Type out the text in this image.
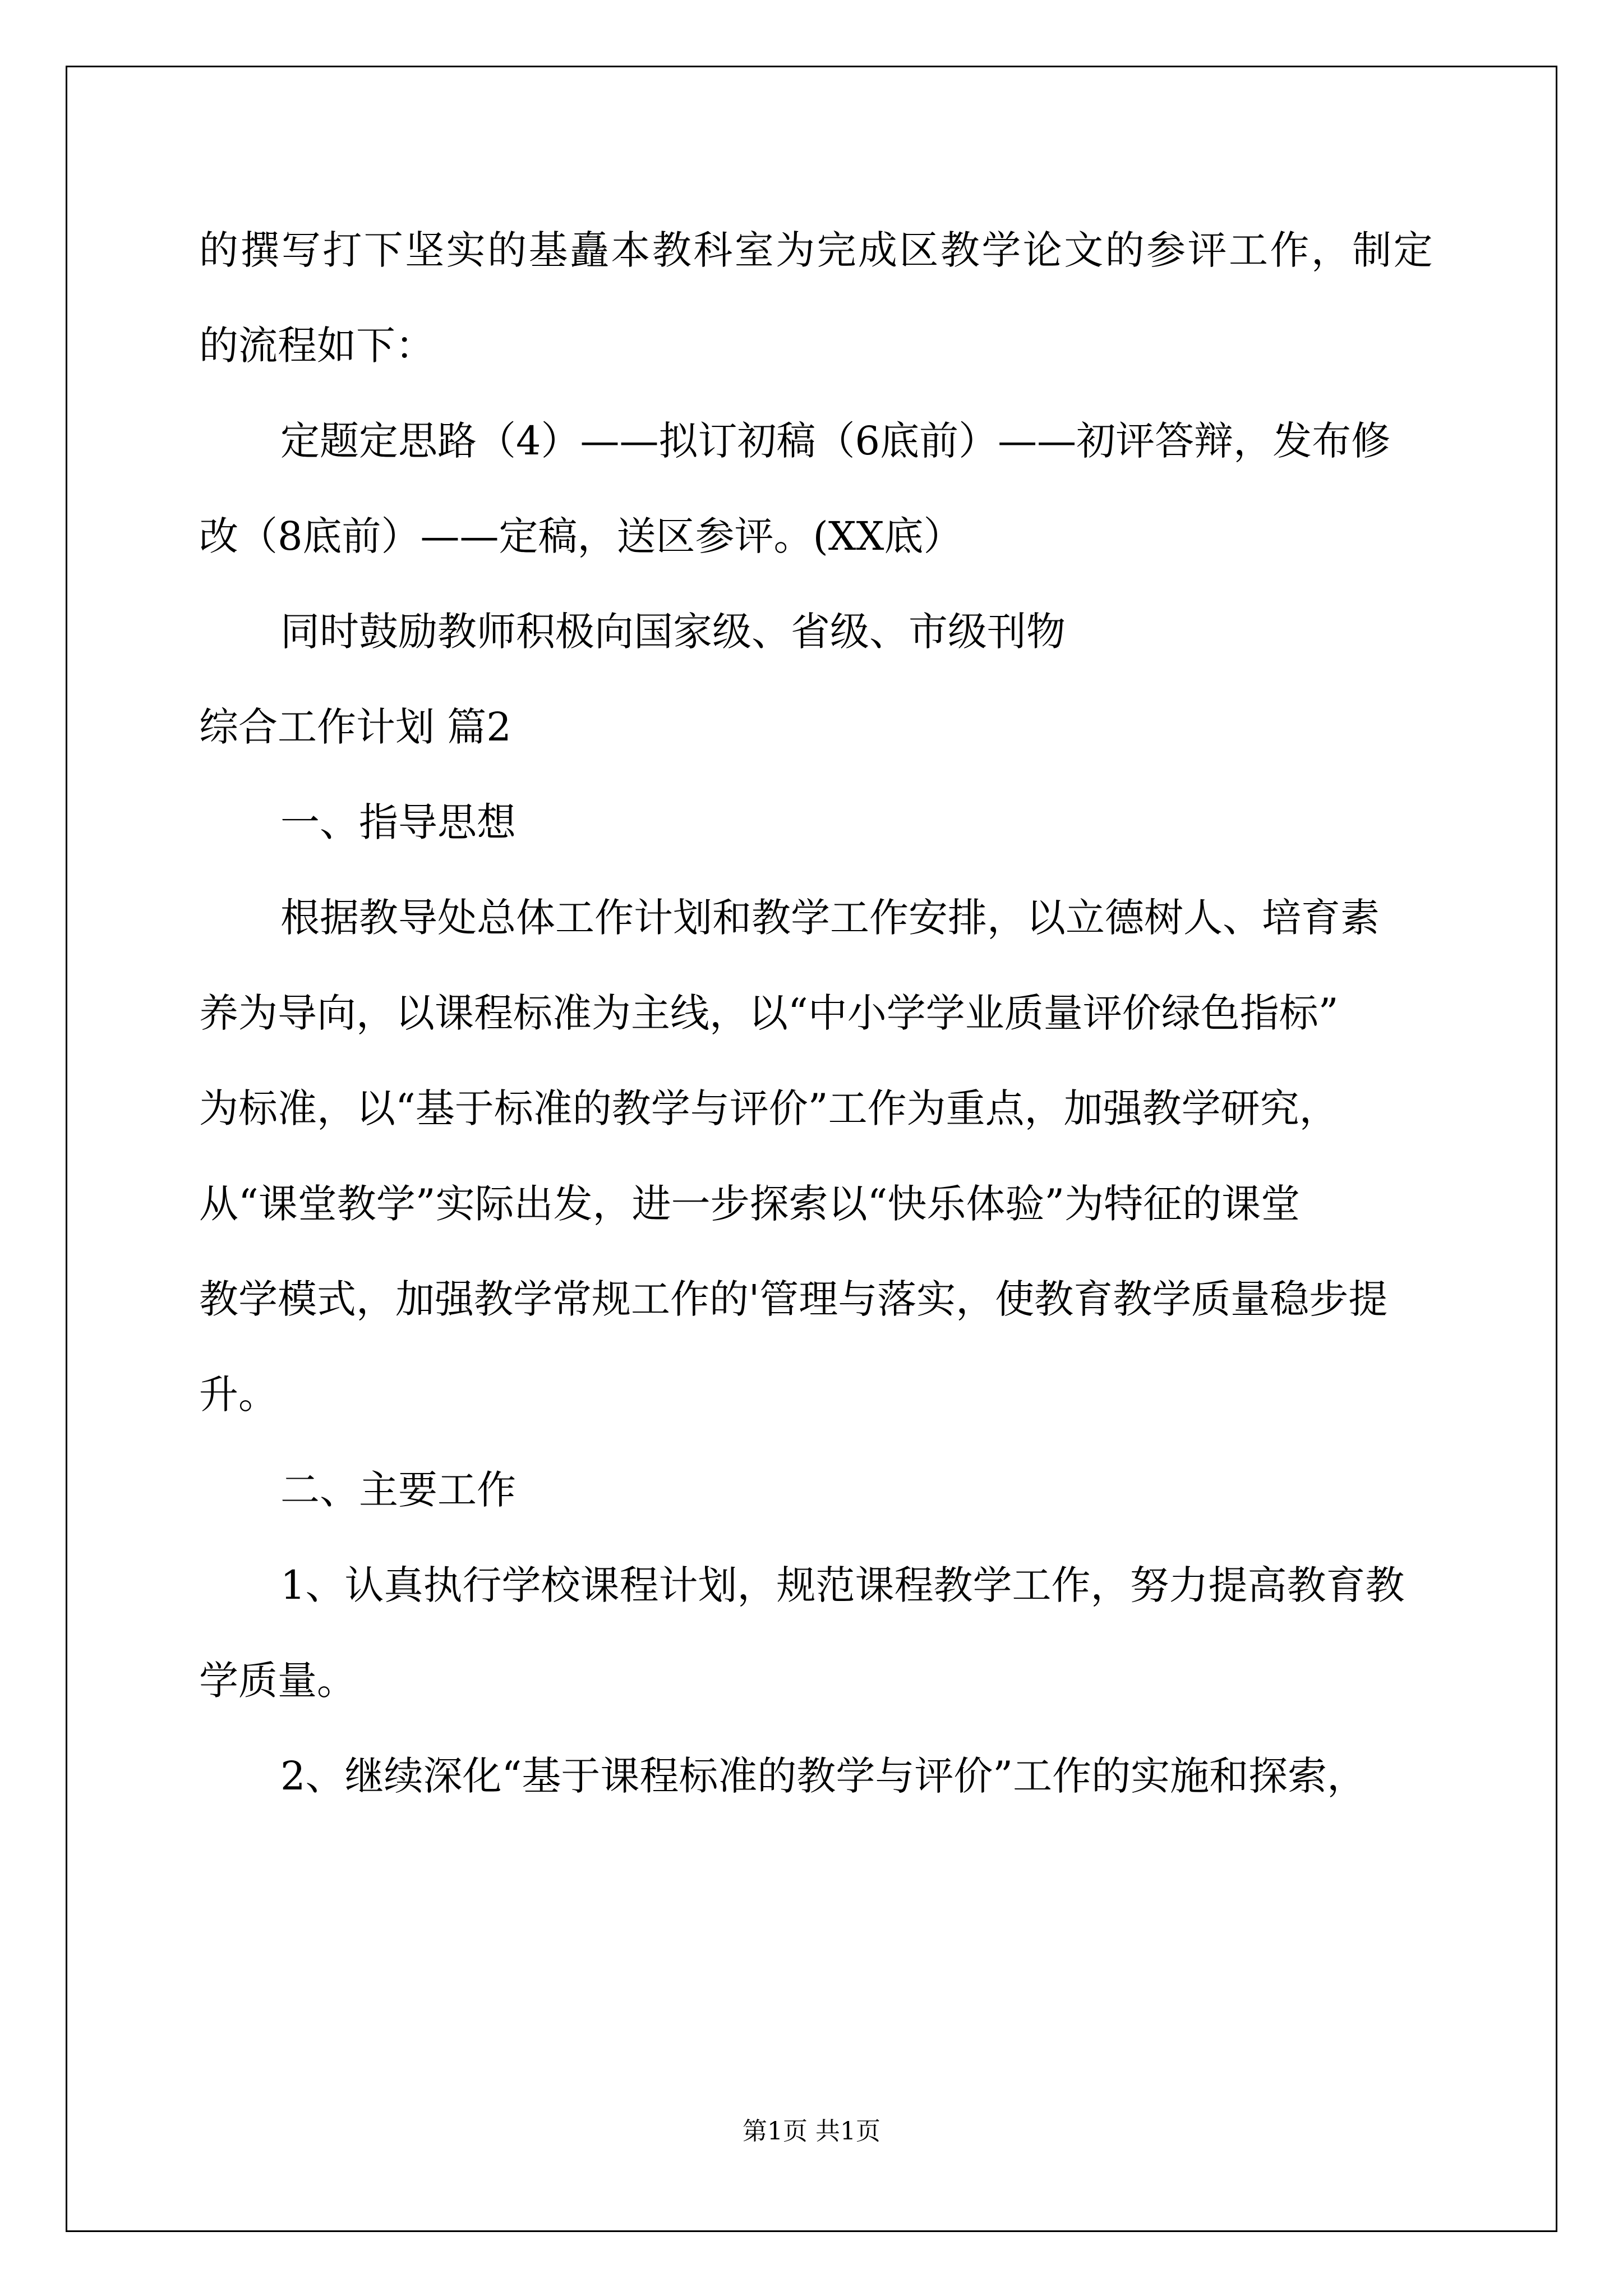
的 撰 写 打 下 坚 实 的 基 矗 本 教 科 室 为 完 成 区 教 学 论 文 的 参 评 工 作 ， 制 定

的流程如下：

定题定思路（4）——拟订初稿（6底前）——初评答辩，发布修

改（8底前）——定稿，送区参评。(XX底）

同时鼓励教师积极向国家级、省级、市级刊物

综合工作计划 篇2

一、指导思想

根据教导处总体工作计划和教学工作安排，以立德树人、培育素

养为导向，以课程标准为主线，以“中小学学业质量评价绿色指标”

为标准，以“基于标准的教学与评价”工作为重点，加强教学研究，

从“课堂教学”实际出发，进一步探索以“快乐体验”为特征的课堂

教学模式，加强教学常规工作的'管理与落实，使教育教学质量稳步提

升。

二、主要工作

1、认真执行学校课程计划，规范课程教学工作，努力提高教育教

学质量。

2、继续深化“基于课程标准的教学与评价”工作的实施和探索，

第1页 共1页
